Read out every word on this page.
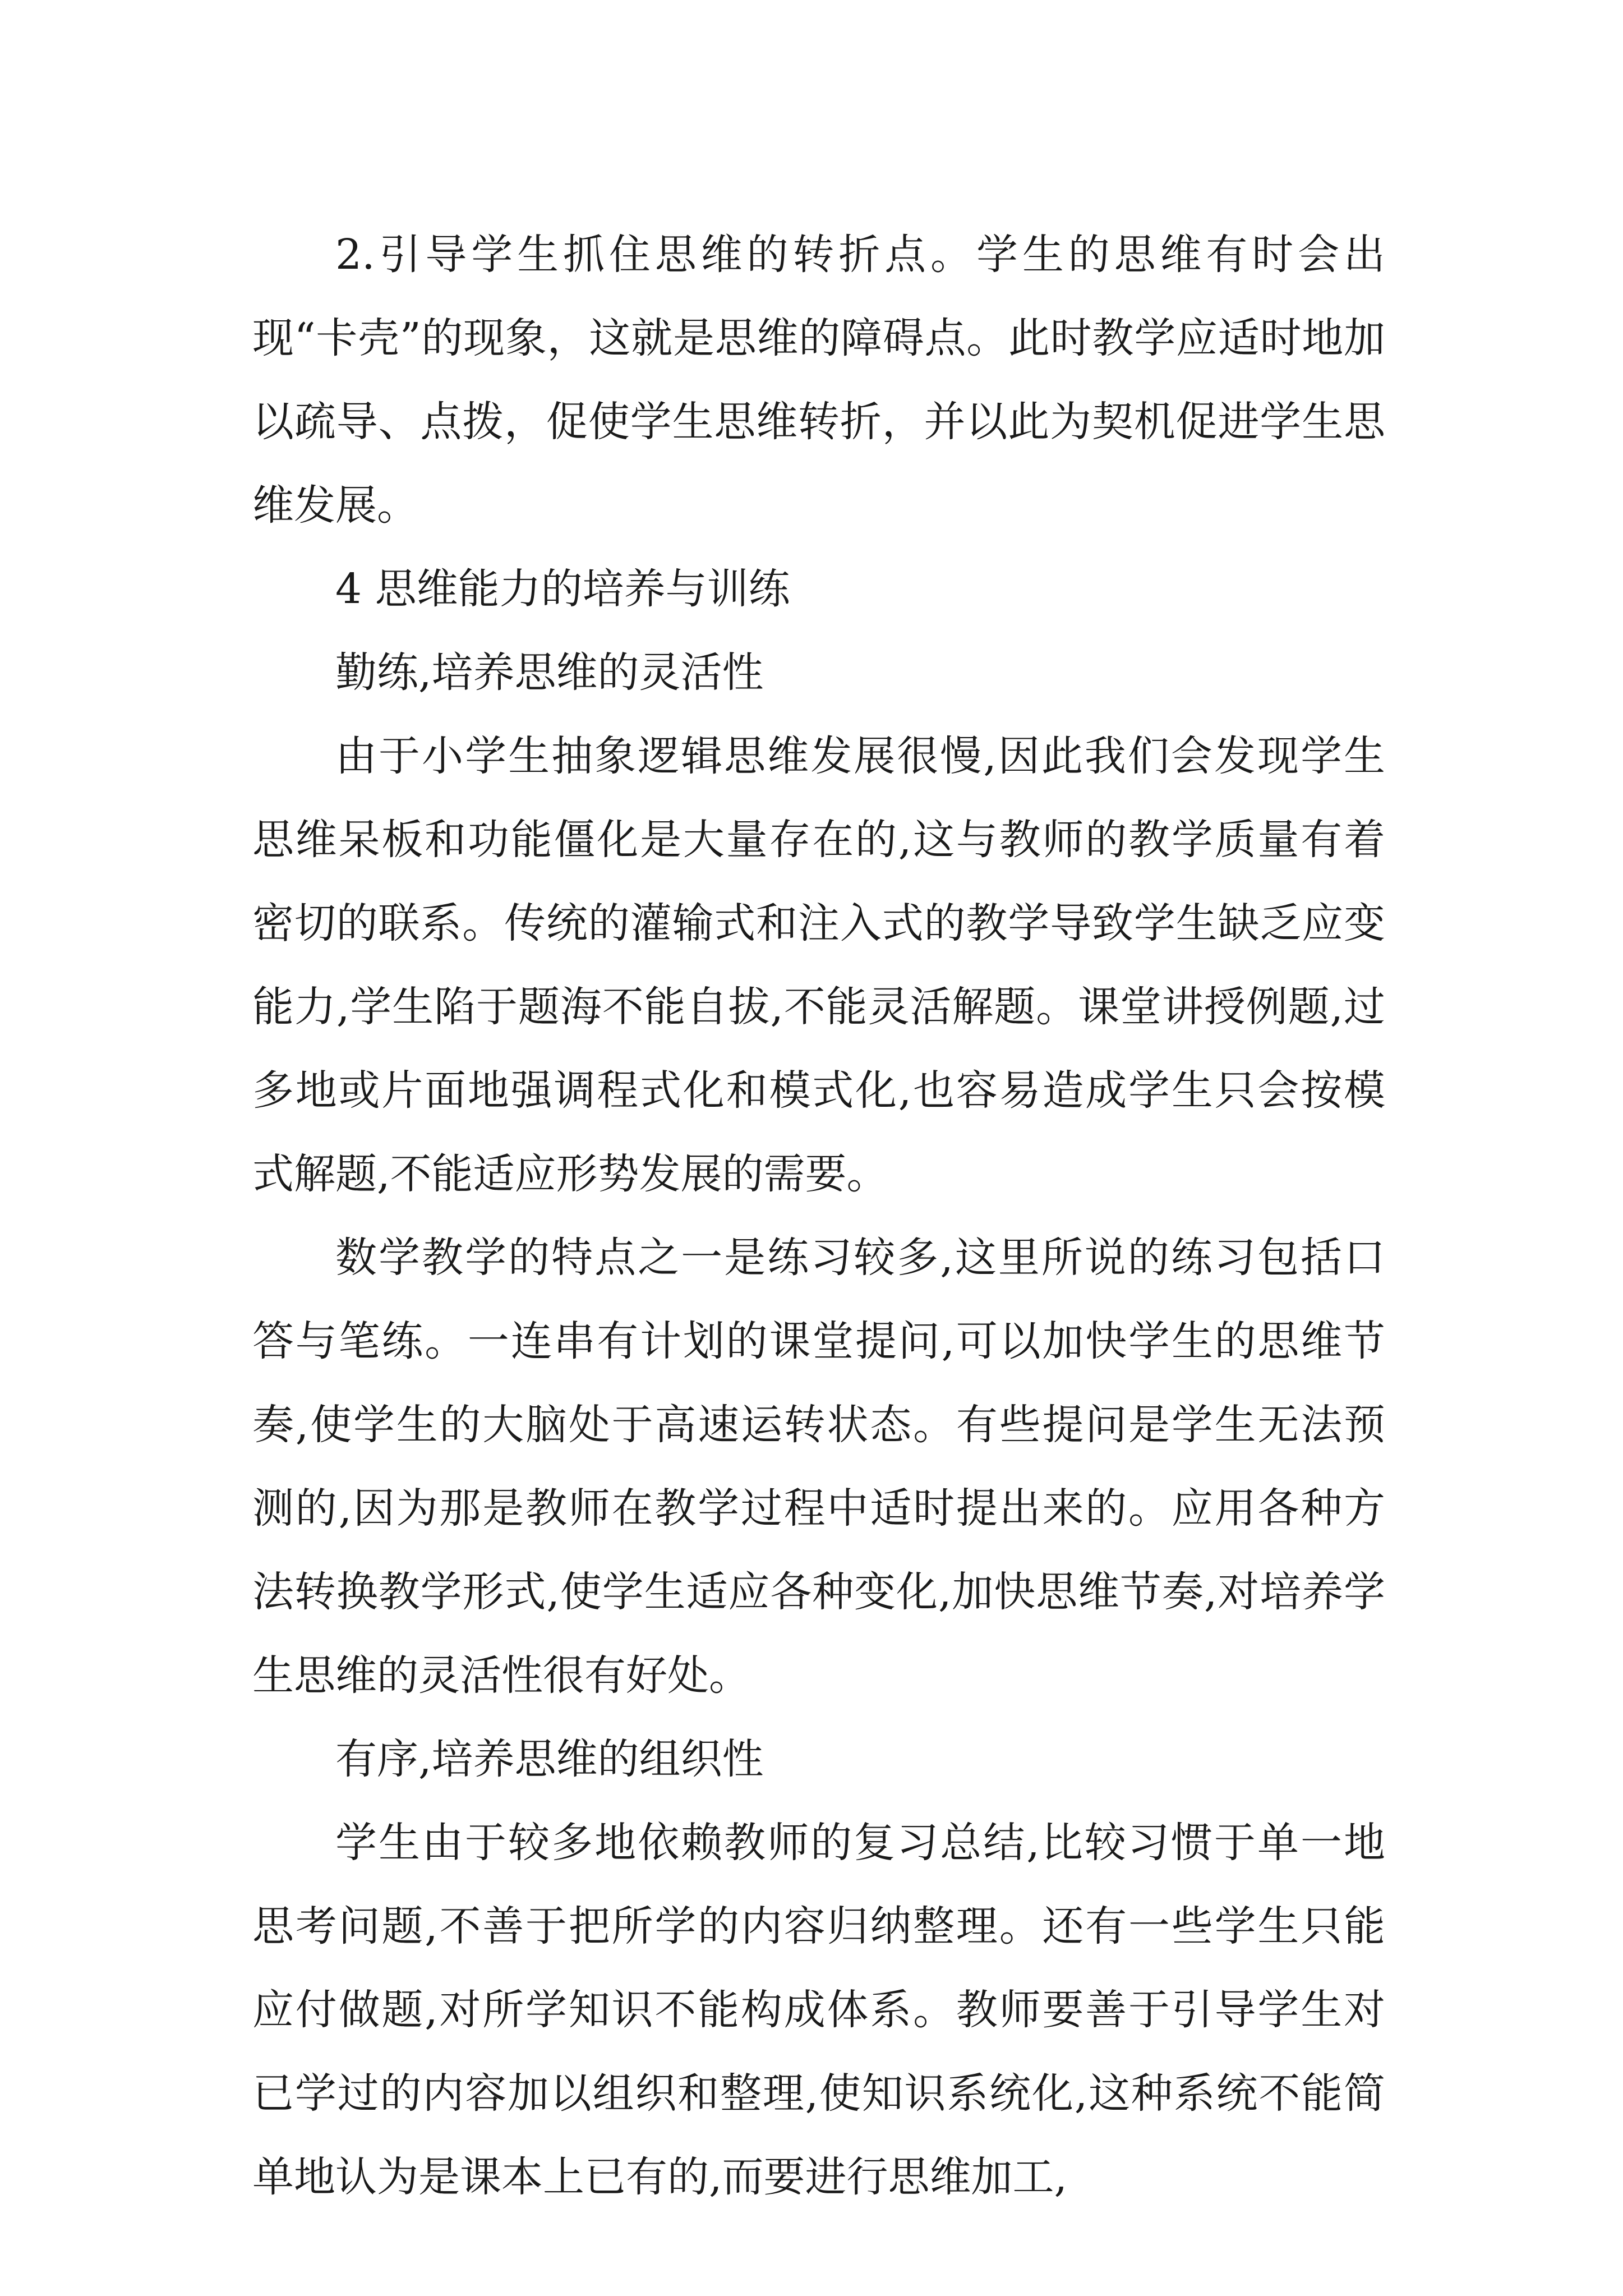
2.引导学生抓住思维的转折点。学生的思维有时会出现“卡壳”的现象，这就是思维的障碍点。此时教学应适时地加以疏导、点拨，促使学生思维转折，并以此为契机促进学生思维发展。

4 思维能力的培养与训练

勤练,培养思维的灵活性

由于小学生抽象逻辑思维发展很慢,因此我们会发现学生思维呆板和功能僵化是大量存在的,这与教师的教学质量有着密切的联系。传统的灌输式和注入式的教学导致学生缺乏应变能力,学生陷于题海不能自拔,不能灵活解题。课堂讲授例题,过多地或片面地强调程式化和模式化,也容易造成学生只会按模式解题,不能适应形势发展的需要。

数学教学的特点之一是练习较多,这里所说的练习包括口答与笔练。一连串有计划的课堂提问,可以加快学生的思维节奏,使学生的大脑处于高速运转状态。有些提问是学生无法预测的,因为那是教师在教学过程中适时提出来的。应用各种方法转换教学形式,使学生适应各种变化,加快思维节奏,对培养学生思维的灵活性很有好处。

有序,培养思维的组织性

学生由于较多地依赖教师的复习总结,比较习惯于单一地思考问题,不善于把所学的内容归纳整理。还有一些学生只能应付做题,对所学知识不能构成体系。教师要善于引导学生对已学过的内容加以组织和整理,使知识系统化,这种系统不能简单地认为是课本上已有的,而要进行思维加工,
